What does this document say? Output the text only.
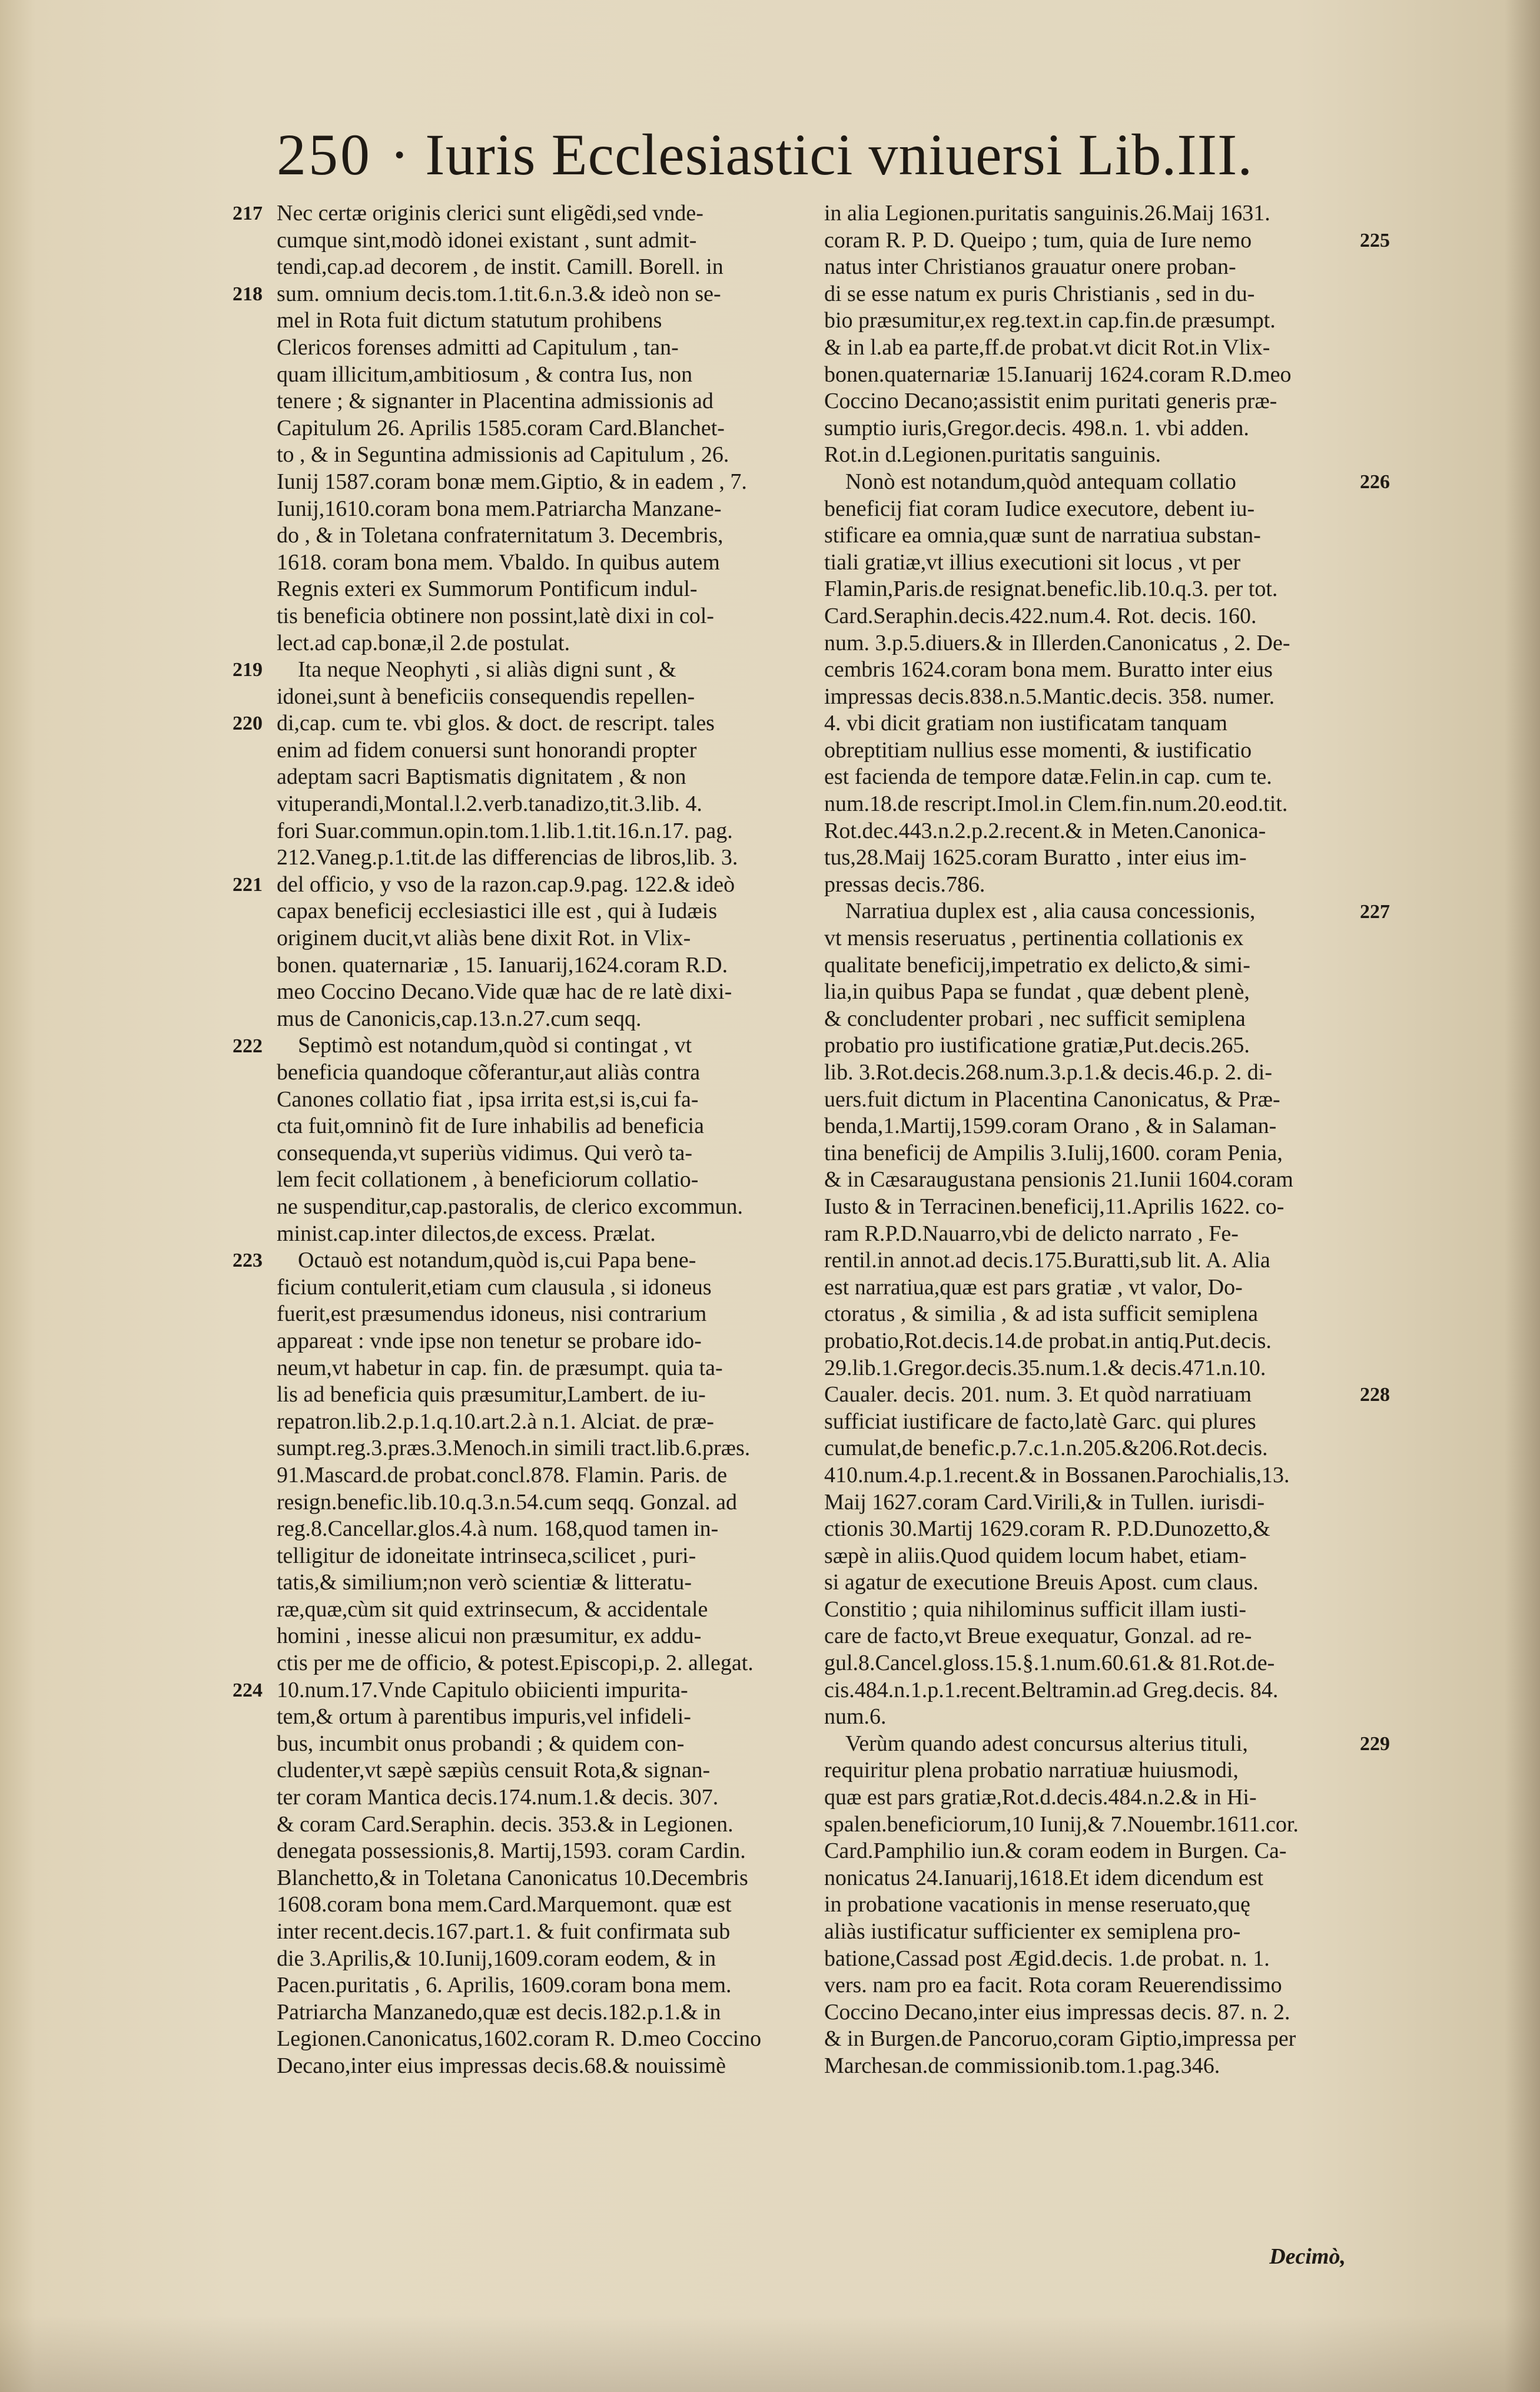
250 · Iuris Ecclesiastici vniuersi Lib.III.
Nec certæ originis clerici sunt eligẽdi,sed vnde-
cumque sint,modò idonei existant , sunt admit-
tendi,cap.ad decorem , de instit. Camill. Borell. in
sum. omnium decis.tom.1.tit.6.n.3.& ideò non se-
mel in Rota fuit dictum statutum prohibens
Clericos forenses admitti ad Capitulum , tan-
quam illicitum,ambitiosum , & contra Ius, non
tenere ; & signanter in Placentina admissionis ad
Capitulum 26. Aprilis 1585.coram Card.Blanchet-
to , & in Seguntina admissionis ad Capitulum , 26.
Iunij 1587.coram bonæ mem.Giptio, & in eadem , 7.
Iunij,1610.coram bona mem.Patriarcha Manzane-
do , & in Toletana confraternitatum 3. Decembris,
1618. coram bona mem. Vbaldo. In quibus autem
Regnis exteri ex Summorum Pontificum indul-
tis beneficia obtinere non possint,latè dixi in col-
lect.ad cap.bonæ,il 2.de postulat.
Ita neque Neophyti , si aliàs digni sunt , &
idonei,sunt à beneficiis consequendis repellen-
di,cap. cum te. vbi glos. & doct. de rescript. tales
enim ad fidem conuersi sunt honorandi propter
adeptam sacri Baptismatis dignitatem , & non
vituperandi,Montal.l.2.verb.tanadizo,tit.3.lib. 4.
fori Suar.commun.opin.tom.1.lib.1.tit.16.n.17. pag.
212.Vaneg.p.1.tit.de las differencias de libros,lib. 3.
del officio, y vso de la razon.cap.9.pag. 122.& ideò
capax beneficij ecclesiastici ille est , qui à Iudæis
originem ducit,vt aliàs bene dixit Rot. in Vlix-
bonen. quaternariæ , 15. Ianuarij,1624.coram R.D.
meo Coccino Decano.Vide quæ hac de re latè dixi-
mus de Canonicis,cap.13.n.27.cum seqq.
Septimò est notandum,quòd si contingat , vt
beneficia quandoque cõferantur,aut aliàs contra
Canones collatio fiat , ipsa irrita est,si is,cui fa-
cta fuit,omninò fit de Iure inhabilis ad beneficia
consequenda,vt superiùs vidimus. Qui verò ta-
lem fecit collationem , à beneficiorum collatio-
ne suspenditur,cap.pastoralis, de clerico excommun.
minist.cap.inter dilectos,de excess. Prælat.
Octauò est notandum,quòd is,cui Papa bene-
ficium contulerit,etiam cum clausula , si idoneus
fuerit,est præsumendus idoneus, nisi contrarium
appareat : vnde ipse non tenetur se probare ido-
neum,vt habetur in cap. fin. de præsumpt. quia ta-
lis ad beneficia quis præsumitur,Lambert. de iu-
repatron.lib.2.p.1.q.10.art.2.à n.1. Alciat. de præ-
sumpt.reg.3.præs.3.Menoch.in simili tract.lib.6.præs.
91.Mascard.de probat.concl.878. Flamin. Paris. de
resign.benefic.lib.10.q.3.n.54.cum seqq. Gonzal. ad
reg.8.Cancellar.glos.4.à num. 168,quod tamen in-
telligitur de idoneitate intrinseca,scilicet , puri-
tatis,& similium;non verò scientiæ & litteratu-
ræ,quæ,cùm sit quid extrinsecum, & accidentale
homini , inesse alicui non præsumitur, ex addu-
ctis per me de officio, & potest.Episcopi,p. 2. allegat.
10.num.17.Vnde Capitulo obiicienti impurita-
tem,& ortum à parentibus impuris,vel infideli-
bus, incumbit onus probandi ; & quidem con-
cludenter,vt sæpè sæpiùs censuit Rota,& signan-
ter coram Mantica decis.174.num.1.& decis. 307.
& coram Card.Seraphin. decis. 353.& in Legionen.
denegata possessionis,8. Martij,1593. coram Cardin.
Blanchetto,& in Toletana Canonicatus 10.Decembris
1608.coram bona mem.Card.Marquemont. quæ est
inter recent.decis.167.part.1. & fuit confirmata sub
die 3.Aprilis,& 10.Iunij,1609.coram eodem, & in
Pacen.puritatis , 6. Aprilis, 1609.coram bona mem.
Patriarcha Manzanedo,quæ est decis.182.p.1.& in
Legionen.Canonicatus,1602.coram R. D.meo Coccino
Decano,inter eius impressas decis.68.& nouissimè
in alia Legionen.puritatis sanguinis.26.Maij 1631.
coram R. P. D. Queipo ; tum, quia de Iure nemo
natus inter Christianos grauatur onere proban-
di se esse natum ex puris Christianis , sed in du-
bio præsumitur,ex reg.text.in cap.fin.de præsumpt.
& in l.ab ea parte,ff.de probat.vt dicit Rot.in Vlix-
bonen.quaternariæ 15.Ianuarij 1624.coram R.D.meo
Coccino Decano;assistit enim puritati generis præ-
sumptio iuris,Gregor.decis. 498.n. 1. vbi adden.
Rot.in d.Legionen.puritatis sanguinis.
Nonò est notandum,quòd antequam collatio
beneficij fiat coram Iudice executore, debent iu-
stificare ea omnia,quæ sunt de narratiua substan-
tiali gratiæ,vt illius executioni sit locus , vt per
Flamin,Paris.de resignat.benefic.lib.10.q.3. per tot.
Card.Seraphin.decis.422.num.4. Rot. decis. 160.
num. 3.p.5.diuers.& in Illerden.Canonicatus , 2. De-
cembris 1624.coram bona mem. Buratto inter eius
impressas decis.838.n.5.Mantic.decis. 358. numer.
4. vbi dicit gratiam non iustificatam tanquam
obreptitiam nullius esse momenti, & iustificatio
est facienda de tempore datæ.Felin.in cap. cum te.
num.18.de rescript.Imol.in Clem.fin.num.20.eod.tit.
Rot.dec.443.n.2.p.2.recent.& in Meten.Canonica-
tus,28.Maij 1625.coram Buratto , inter eius im-
pressas decis.786.
Narratiua duplex est , alia causa concessionis,
vt mensis reseruatus , pertinentia collationis ex
qualitate beneficij,impetratio ex delicto,& simi-
lia,in quibus Papa se fundat , quæ debent plenè,
& concludenter probari , nec sufficit semiplena
probatio pro iustificatione gratiæ,Put.decis.265.
lib. 3.Rot.decis.268.num.3.p.1.& decis.46.p. 2. di-
uers.fuit dictum in Placentina Canonicatus, & Præ-
benda,1.Martij,1599.coram Orano , & in Salaman-
tina beneficij de Ampilis 3.Iulij,1600. coram Penia,
& in Cæsaraugustana pensionis 21.Iunii 1604.coram
Iusto & in Terracinen.beneficij,11.Aprilis 1622. co-
ram R.P.D.Nauarro,vbi de delicto narrato , Fe-
rentil.in annot.ad decis.175.Buratti,sub lit. A. Alia
est narratiua,quæ est pars gratiæ , vt valor, Do-
ctoratus , & similia , & ad ista sufficit semiplena
probatio,Rot.decis.14.de probat.in antiq.Put.decis.
29.lib.1.Gregor.decis.35.num.1.& decis.471.n.10.
Caualer. decis. 201. num. 3. Et quòd narratiuam
sufficiat iustificare de facto,latè Garc. qui plures
cumulat,de benefic.p.7.c.1.n.205.&206.Rot.decis.
410.num.4.p.1.recent.& in Bossanen.Parochialis,13.
Maij 1627.coram Card.Virili,& in Tullen. iurisdi-
ctionis 30.Martij 1629.coram R. P.D.Dunozetto,&
sæpè in aliis.Quod quidem locum habet, etiam-
si agatur de executione Breuis Apost. cum claus.
Constitio ; quia nihilominus sufficit illam iusti-
care de facto,vt Breue exequatur, Gonzal. ad re-
gul.8.Cancel.gloss.15.§.1.num.60.61.& 81.Rot.de-
cis.484.n.1.p.1.recent.Beltramin.ad Greg.decis. 84.
num.6.
Verùm quando adest concursus alterius tituli,
requiritur plena probatio narratiuæ huiusmodi,
quæ est pars gratiæ,Rot.d.decis.484.n.2.& in Hi-
spalen.beneficiorum,10 Iunij,& 7.Nouembr.1611.cor.
Card.Pamphilio iun.& coram eodem in Burgen. Ca-
nonicatus 24.Ianuarij,1618.Et idem dicendum est
in probatione vacationis in mense reseruato,quę
aliàs iustificatur sufficienter ex semiplena pro-
batione,Cassad post Ægid.decis. 1.de probat. n. 1.
vers. nam pro ea facit. Rota coram Reuerendissimo
Coccino Decano,inter eius impressas decis. 87. n. 2.
& in Burgen.de Pancoruo,coram Giptio,impressa per
Marchesan.de commissionib.tom.1.pag.346.
217
218
219
220
221
222
223
224
225
226
227
228
229
Decimò,
